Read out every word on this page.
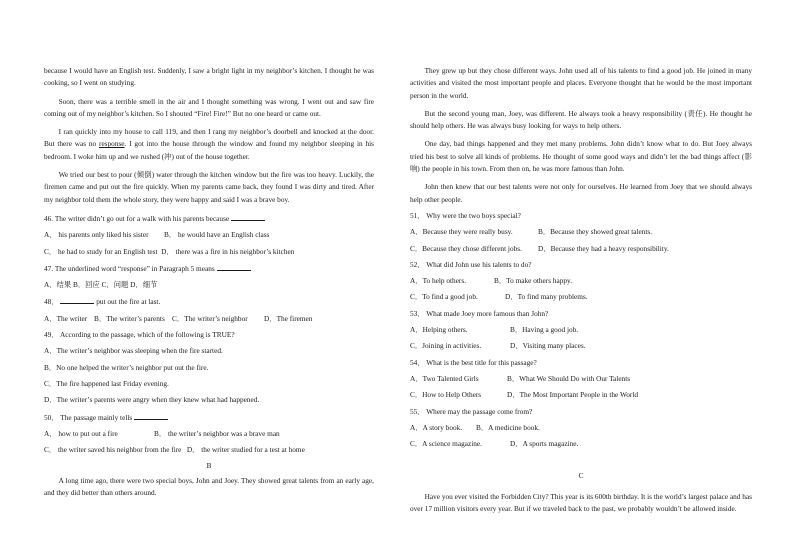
because I would have an English test. Suddenly, I saw a bright light in my neighbor’s kitchen. I thought he was cooking, so I went on studying.

Soon, there was a terrible smell in the air and I thought something was wrong. I went out and saw fire coming out of my neighbor’s kitchen. So I shouted “Fire! Fire!” But no one heard or came out.

I ran quickly into my house to call 119, and then I rang my neighbor’s doorbell and knocked at the door. But there was no response. I got into the house through the window and found my neighbor sleeping in his bedroom. I woke him up and we rushed (冲) out of the house together.

We tried our best to pour (倾倒) water through the kitchen window but the fire was too heavy. Luckily, the firemen came and put out the fire quickly. When my parents came back, they found I was dirty and tired. After my neighbor told them the whole story, they were happy and said I was a brave boy.

46. The writer didn’t go out for a walk with his parents because

A． his parents only liked his sister B． he would have an English class

C． he had to study for an English test D． there was a fire in his neighbor’s kitchen

47. The underlined word “response” in Paragraph 5 means

A．结果 B．回应 C．问题 D．细节

48．	put out the fire at last.

A．The writer B．The writer’s parents C．The writer’s neighbor D．The firemen

49． According to the passage, which of the following is TRUE?

A．The writer’s neighbor was sleeping when the fire started.

B．No one helped the writer’s neighbor put out the fire.

C．The fire happened last Friday evening.

D．The writer’s parents were angry when they knew what had happened.

50． The passage mainly tells

A． how to put out a fire	B． the writer’s neighbor was a brave man

C． the writer saved his neighbor from the fire D． the writer studied for a test at home

B

A long time ago, there were two special boys, John and Joey. They showed great talents from an early age, and they did better than others around.

They grew up but they chose different ways. John used all of his talents to find a good job. He joined in many activities and visited the most important people and places. Everyone thought that he would be the most important person in the world.

But the second young man, Joey, was different. He always took a heavy responsibility (责任). He thought he should help others. He was always busy looking for ways to help others.

One day, bad things happened and they met many problems. John didn’t know what to do. But Joey always tried his best to solve all kinds of problems. He thought of some good ways and didn’t let the bad things affect (影响) the people in his town. From then on, he was more famous than John.

John then knew that our best talents were not only for ourselves. He learned from Joey that we should always help other people.

51． Why were the two boys special?

A．Because they were really busy.	B．Because they showed great talents.

C．Because they chose different jobs. D．Because they had a heavy responsibility.

52． What did John use his talents to do?

A．To help others.	B．To make others happy.

C．To find a good job.	D．To find many problems.

53． What made Joey more famous than John?

A．Helping others.	B．Having a good job.

C．Joining in activities.	D．Visiting many places.

54． What is the best title for this passage?

A．Two Talented Girls	B．What We Should Do with Our Talents

C．How to Help Others	D．The Most Important People in the World

55． Where may the passage come from?

A．A story book. B．A medicine book.

C．A science magazine.	D．A sports magazine.

C

Have you ever visited the Forbidden City? This year is its 600th birthday. It is the world’s largest palace and has over 17 million visitors every year. But if we traveled back to the past, we probably wouldn’t be allowed inside.
